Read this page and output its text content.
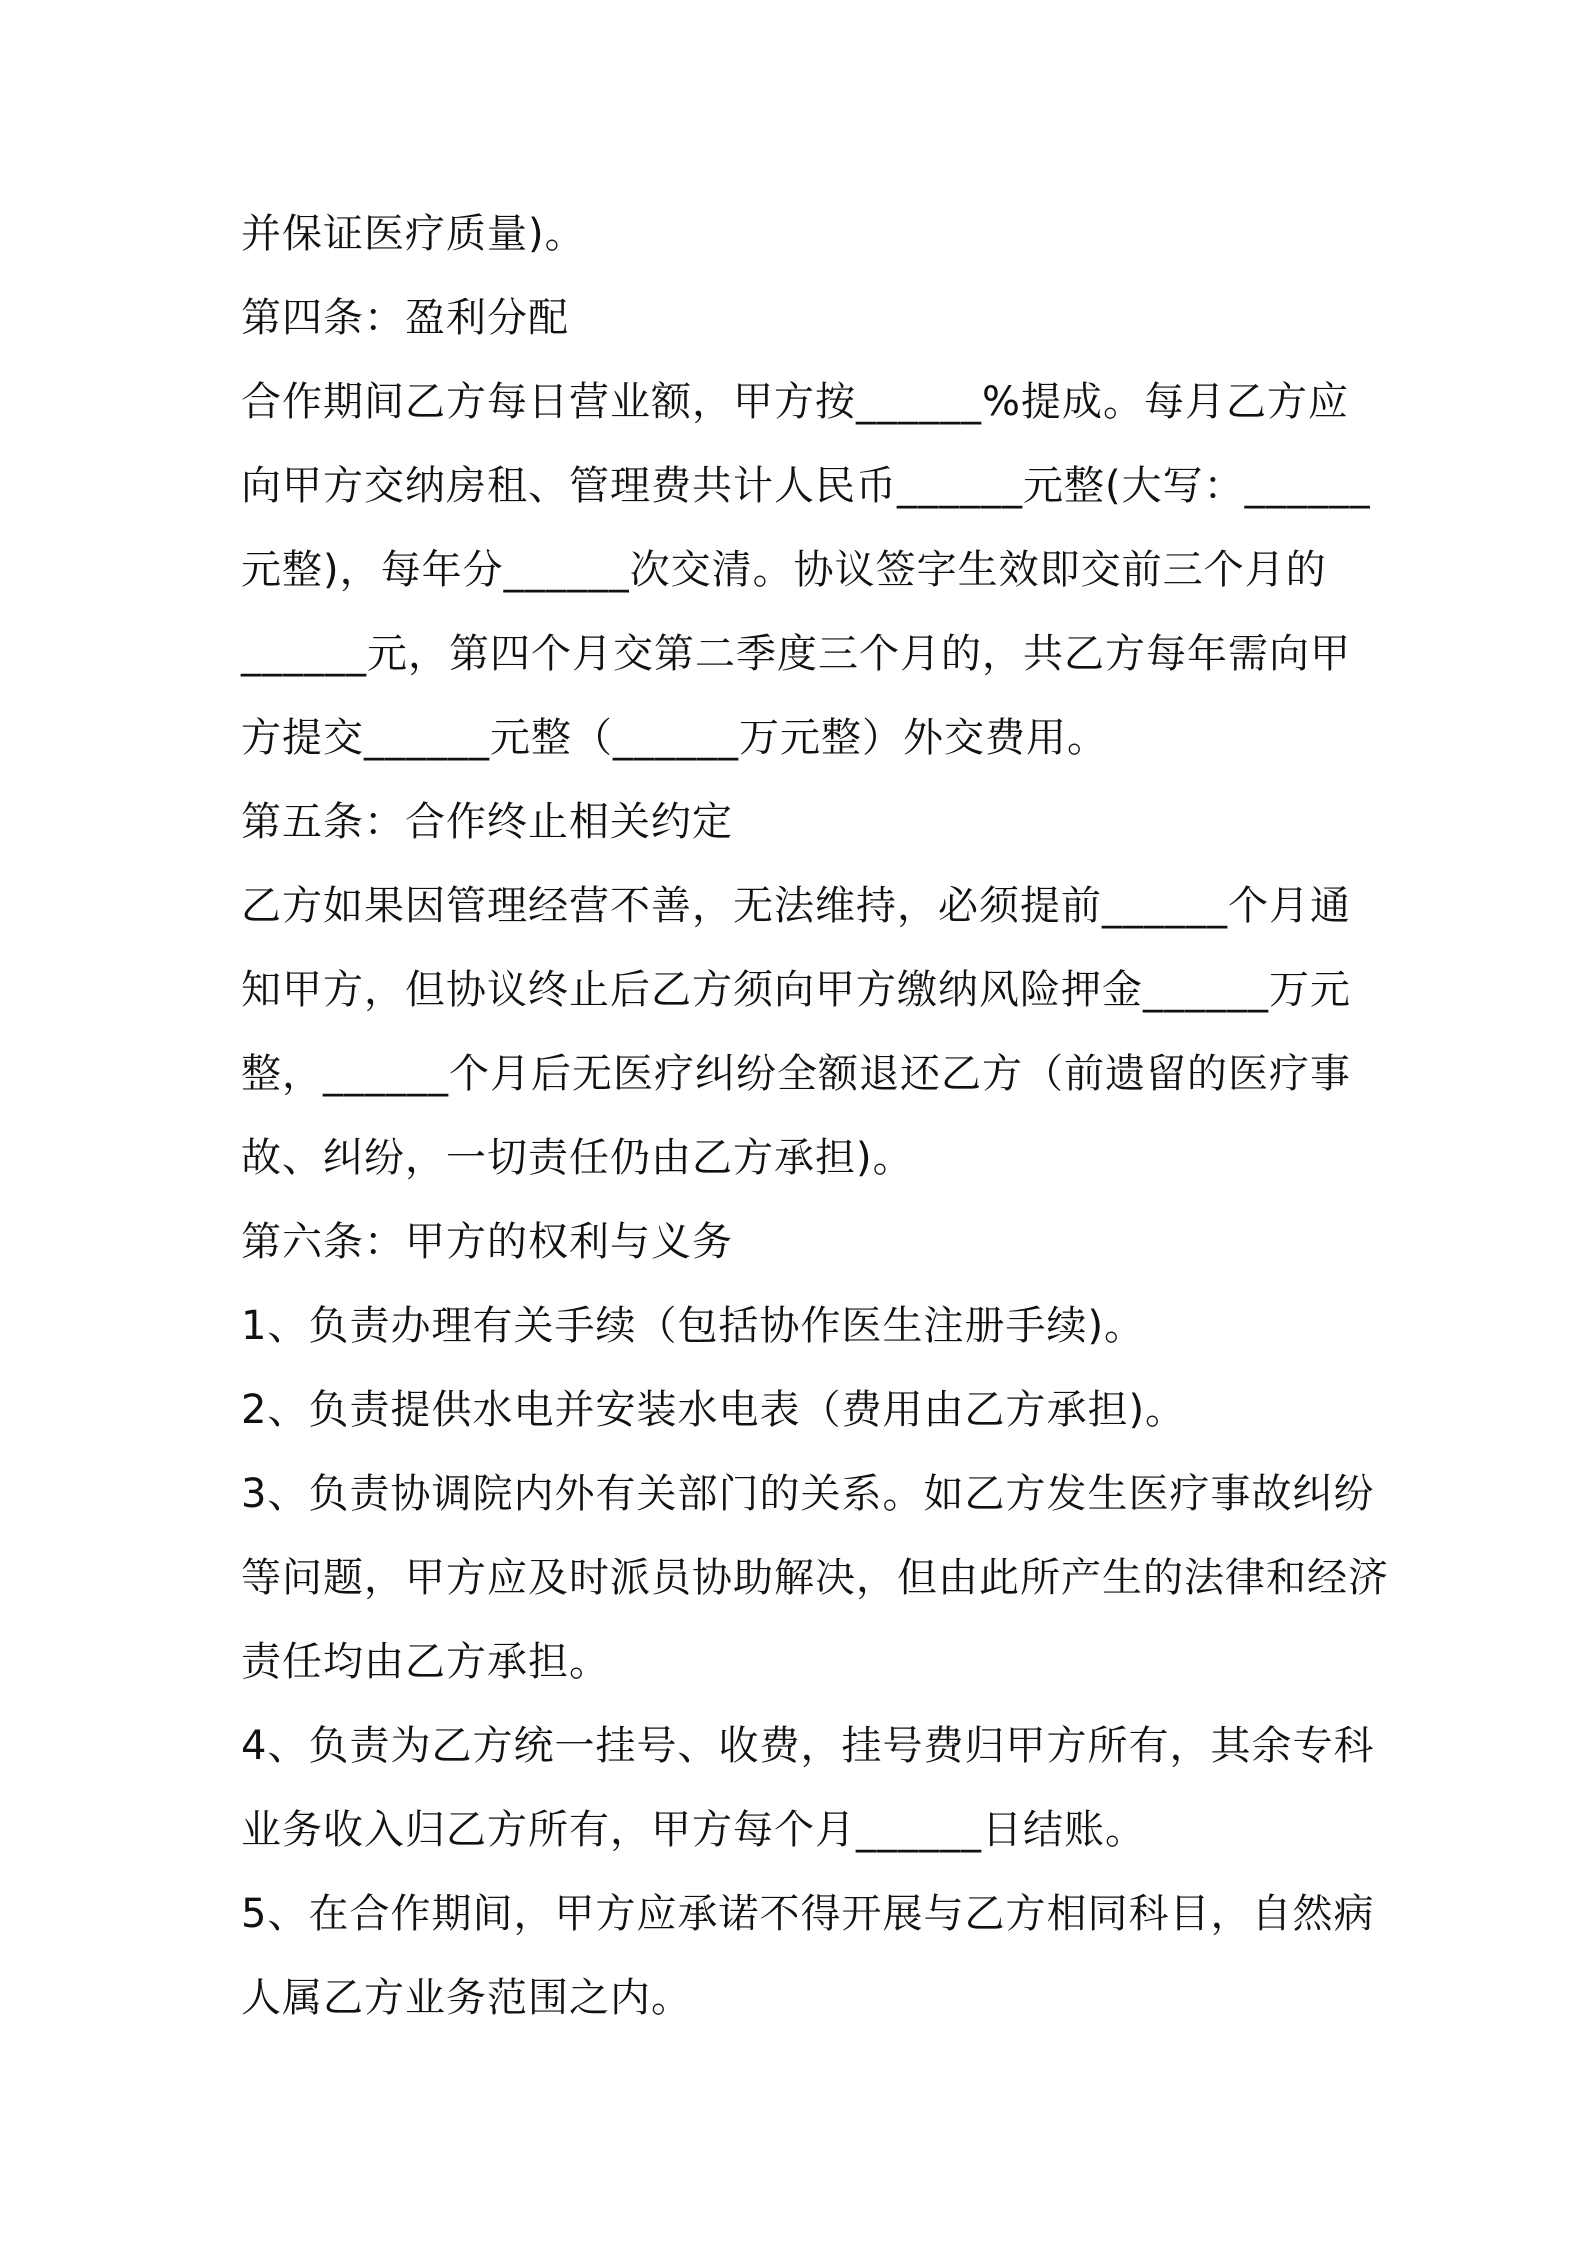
并保证医疗质量)。
第四条：盈利分配
合作期间乙方每日营业额，甲方按______%提成。每月乙方应
向甲方交纳房租、管理费共计人民币______元整(大写：______
元整)，每年分______次交清。协议签字生效即交前三个月的
______元，第四个月交第二季度三个月的，共乙方每年需向甲
方提交______元整（______万元整）外交费用。
第五条：合作终止相关约定
乙方如果因管理经营不善，无法维持，必须提前______个月通
知甲方，但协议终止后乙方须向甲方缴纳风险押金______万元
整，______个月后无医疗纠纷全额退还乙方（前遗留的医疗事
故、纠纷，一切责任仍由乙方承担)。
第六条：甲方的权利与义务
1、负责办理有关手续（包括协作医生注册手续)。
2、负责提供水电并安装水电表（费用由乙方承担)。
3、负责协调院内外有关部门的关系。如乙方发生医疗事故纠纷
等问题，甲方应及时派员协助解决，但由此所产生的法律和经济
责任均由乙方承担。
4、负责为乙方统一挂号、收费，挂号费归甲方所有，其余专科
业务收入归乙方所有，甲方每个月______日结账。
5、在合作期间，甲方应承诺不得开展与乙方相同科目，自然病
人属乙方业务范围之内。
